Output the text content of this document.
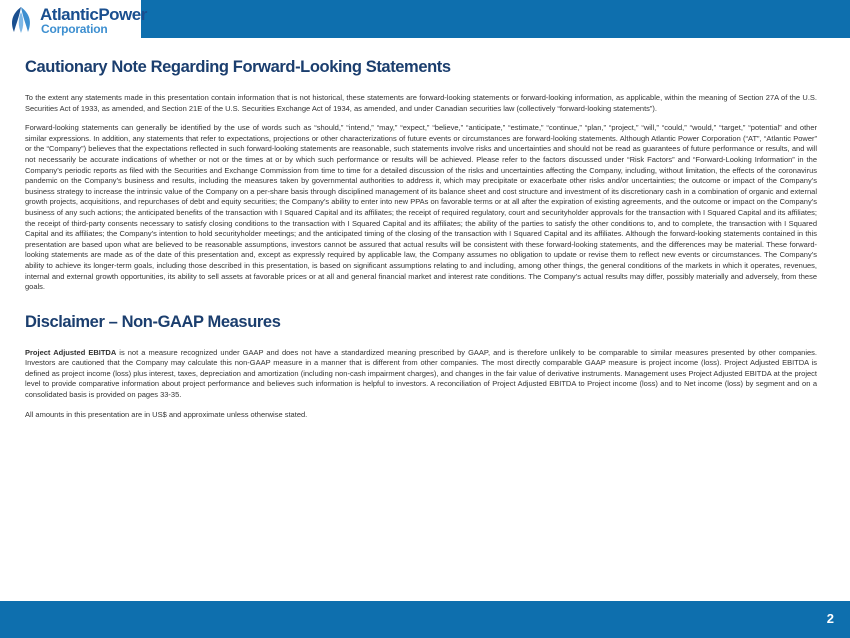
AtlanticPower
Corporation
Cautionary Note Regarding Forward-Looking Statements

To the extent any statements made in this presentation contain information that is not historical, these statements are forward-looking statements or forward-looking information, as applicable, within the meaning of Section 27A of the U.S. Securities Act of 1933, as amended, and Section 21E of the U.S. Securities Exchange Act of 1934, as amended, and under Canadian securities law (collectively “forward-looking statements”).

Forward-looking statements can generally be identified by the use of words such as “should,” “intend,” “may,” “expect,” “believe,” “anticipate,” “estimate,” “continue,” “plan,” “project,” “will,” “could,” “would,” “target,” “potential” and other similar expressions. In addition, any statements that refer to expectations, projections or other characterizations of future events or circumstances are forward-looking statements. Although Atlantic Power Corporation (“AT”, “Atlantic Power” or the “Company”) believes that the expectations reflected in such forward-looking statements are reasonable, such statements involve risks and uncertainties and should not be read as guarantees of future performance or results, and will not necessarily be accurate indications of whether or not or the times at or by which such performance or results will be achieved. Please refer to the factors discussed under “Risk Factors” and “Forward-Looking Information” in the Company’s periodic reports as filed with the Securities and Exchange Commission from time to time for a detailed discussion of the risks and uncertainties affecting the Company, including, without limitation, the effects of the coronavirus pandemic on the Company’s business and results, including the measures taken by governmental authorities to address it, which may precipitate or exacerbate other risks and/or uncertainties; the outcome or impact of the Company’s business strategy to increase the intrinsic value of the Company on a per-share basis through disciplined management of its balance sheet and cost structure and investment of its discretionary cash in a combination of organic and external growth projects, acquisitions, and repurchases of debt and equity securities; the Company’s ability to enter into new PPAs on favorable terms or at all after the expiration of existing agreements, and the outcome or impact on the Company’s business of any such actions; the anticipated benefits of the transaction with I Squared Capital and its affiliates; the receipt of required regulatory, court and securityholder approvals for the transaction with I Squared Capital and its affiliates; the receipt of third-party consents necessary to satisfy closing conditions to the transaction with I Squared Capital and its affiliates; the ability of the parties to satisfy the other conditions to, and to complete, the transaction with I Squared Capital and its affiliates; the Company’s intention to hold securityholder meetings; and the anticipated timing of the closing of the transaction with I Squared Capital and its affiliates. Although the forward-looking statements contained in this presentation are based upon what are believed to be reasonable assumptions, investors cannot be assured that actual results will be consistent with these forward-looking statements, and the differences may be material. These forward-looking statements are made as of the date of this presentation and, except as expressly required by applicable law, the Company assumes no obligation to update or revise them to reflect new events or circumstances. The Company’s ability to achieve its longer-term goals, including those described in this presentation, is based on significant assumptions relating to and including, among other things, the general conditions of the markets in which it operates, revenues, internal and external growth opportunities, its ability to sell assets at favorable prices or at all and general financial market and interest rate conditions. The Company’s actual results may differ, possibly materially and adversely, from these goals.

Disclaimer – Non-GAAP Measures

Project Adjusted EBITDA is not a measure recognized under GAAP and does not have a standardized meaning prescribed by GAAP, and is therefore unlikely to be comparable to similar measures presented by other companies. Investors are cautioned that the Company may calculate this non-GAAP measure in a manner that is different from other companies. The most directly comparable GAAP measure is project income (loss). Project Adjusted EBITDA is defined as project income (loss) plus interest, taxes, depreciation and amortization (including non-cash impairment charges), and changes in the fair value of derivative instruments. Management uses Project Adjusted EBITDA at the project level to provide comparative information about project performance and believes such information is helpful to investors. A reconciliation of Project Adjusted EBITDA to Project income (loss) and to Net income (loss) by segment and on a consolidated basis is provided on pages 33-35.

All amounts in this presentation are in US$ and approximate unless otherwise stated.

2
